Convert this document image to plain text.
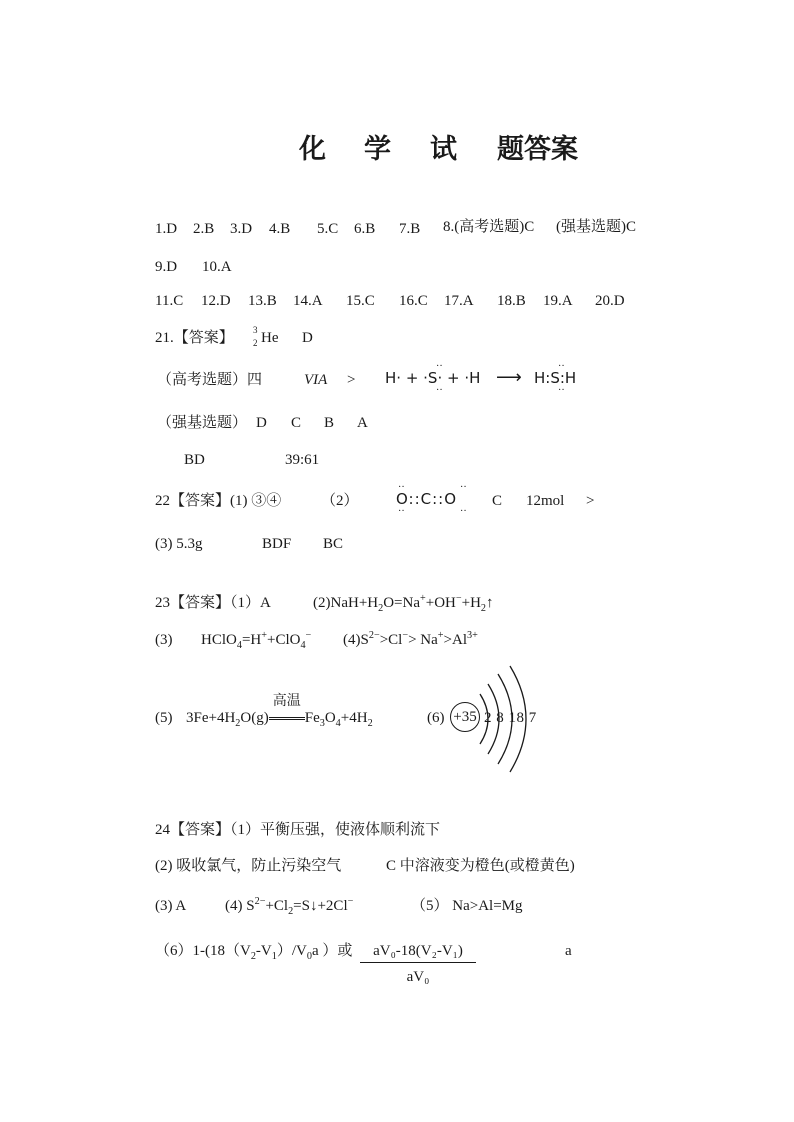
化 学 试 题答案
1.D 2.B 3.D 4.B 5.C 6.B 7.B 8.(高考选题)C (强基选题)C
9.D 10.A
11.C 12.D 13.B 14.A 15.C 16.C 17.A 18.B 19.A 20.D
21.【答案】 3
2 He D
（高考选题）四	VIA > H· + ·S· + ·H
··
··
⟶ H:S:H
··
··
（强基选题） D C B A
BD	39:61
22【答案】(1) ③④	（2） O::C::O
··
··
··
··
C 12mol >
(3) 5.3g	BDF BC
23【答案】（1）A	$(2)NaH+H_2O=Na^++OH^-+H_2↑$
(3) HClO$_4$=H++ClO$_4$− $(4)S^{2-}>Cl^-> Na^+>Al^{3+}$
(5) $3Fe+4H_2O(g)$
高温
$Fe_3O_4+4H_2$	(6) +35 2 8 18 7
24【答案】（1）平衡压强，使液体顺利流下
(2) 吸收氯气，防止污染空气	C 中溶液变为橙色(或橙黄色)
(3) A	(4) $S^{2-}+Cl_2=S↓+2Cl^-$	（5） Na>Al=Mg
$(6)1-(18(V_2-V_1)/V_0a$ ）或 $\frac{\text{aV₀-18(V₂-V₁)}}{\text{aV₀}}$	a
